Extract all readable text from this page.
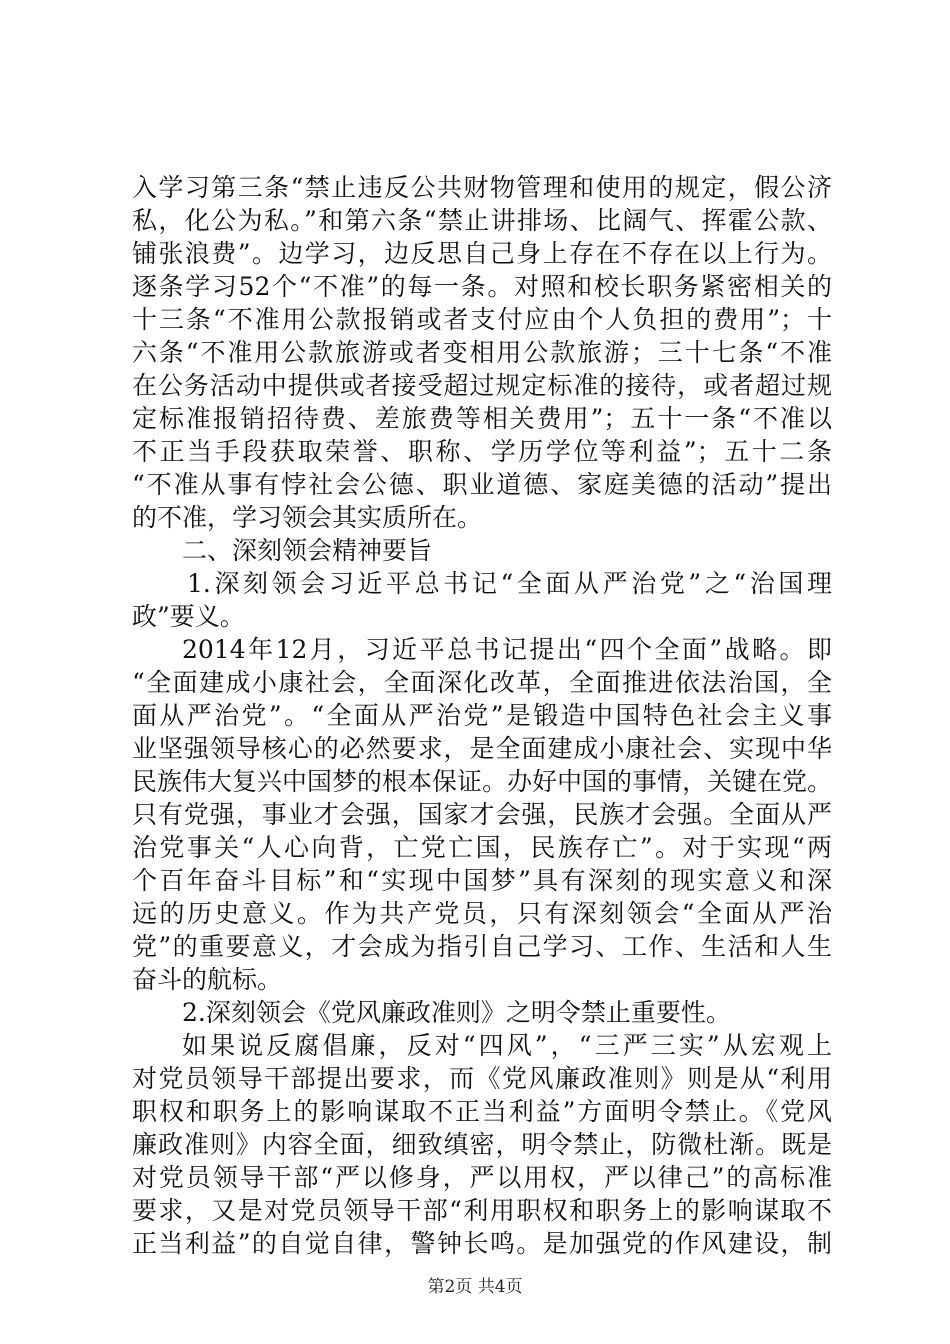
入学习第三条“禁止违反公共财物管理和使用的规定，假公济
私，化公为私。”和第六条“禁止讲排场、比阔气、挥霍公款、
铺张浪费”。边学习，边反思自己身上存在不存在以上行为。
逐条学习52个“不准”的每一条。对照和校长职务紧密相关的
十三条“不准用公款报销或者支付应由个人负担的费用”；十
六条“不准用公款旅游或者变相用公款旅游；三十七条“不准
在公务活动中提供或者接受超过规定标准的接待，或者超过规
定标准报销招待费、差旅费等相关费用”；五十一条“不准以
不正当手段获取荣誉、职称、学历学位等利益”；五十二条
“不准从事有悖社会公德、职业道德、家庭美德的活动”提出
的不准，学习领会其实质所在。
二、深刻领会精神要旨
1.深刻领会习近平总书记“全面从严治党”之“治国理
政”要义。
2014年12月，习近平总书记提出“四个全面”战略。即
“全面建成小康社会，全面深化改革，全面推进依法治国，全
面从严治党”。“全面从严治党”是锻造中国特色社会主义事
业坚强领导核心的必然要求，是全面建成小康社会、实现中华
民族伟大复兴中国梦的根本保证。办好中国的事情，关键在党。
只有党强，事业才会强，国家才会强，民族才会强。全面从严
治党事关“人心向背，亡党亡国，民族存亡”。对于实现“两
个百年奋斗目标”和“实现中国梦”具有深刻的现实意义和深
远的历史意义。作为共产党员，只有深刻领会“全面从严治
党”的重要意义，才会成为指引自己学习、工作、生活和人生
奋斗的航标。
2.深刻领会《党风廉政准则》之明令禁止重要性。
如果说反腐倡廉，反对“四风”，“三严三实”从宏观上
对党员领导干部提出要求，而《党风廉政准则》则是从“利用
职权和职务上的影响谋取不正当利益”方面明令禁止。《党风
廉政准则》内容全面，细致缜密，明令禁止，防微杜渐。既是
对党员领导干部“严以修身，严以用权，严以律己”的高标准
要求，又是对党员领导干部“利用职权和职务上的影响谋取不
正当利益”的自觉自律，警钟长鸣。是加强党的作风建设，制
第2页 共4页
